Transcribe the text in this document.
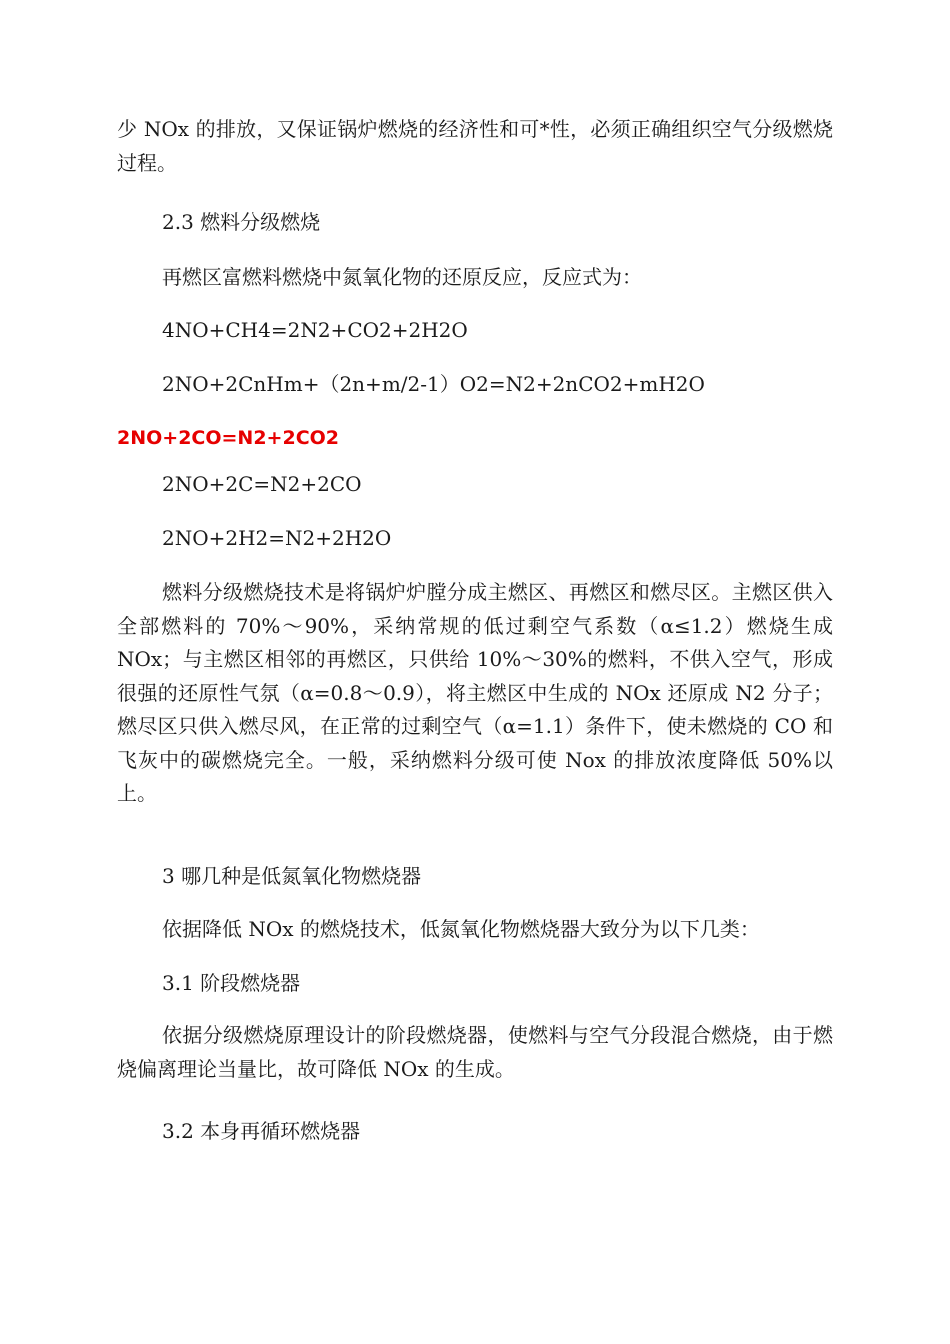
少 NOx 的排放，又保证锅炉燃烧的经济性和可*性，必须正确组织空气分级燃烧过程。

2.3 燃料分级燃烧

再燃区富燃料燃烧中氮氧化物的还原反应，反应式为：

4NO+CH4=2N2+CO2+2H2O

2NO+2CnHm+（2n+m/2-1）O2=N2+2nCO2+mH2O

2NO+2CO=N2+2CO2

2NO+2C=N2+2CO

2NO+2H2=N2+2H2O

燃料分级燃烧技术是将锅炉炉膛分成主燃区、再燃区和燃尽区。主燃区供入全部燃料的 70%～90%，采纳常规的低过剩空气系数（α≤1.2）燃烧生成 NOx；与主燃区相邻的再燃区，只供给 10%～30%的燃料，不供入空气，形成很强的还原性气氛（α=0.8～0.9），将主燃区中生成的 NOx 还原成 N2 分子；燃尽区只供入燃尽风，在正常的过剩空气（α=1.1）条件下，使未燃烧的 CO 和飞灰中的碳燃烧完全。一般，采纳燃料分级可使 Nox 的排放浓度降低 50%以上。

3 哪几种是低氮氧化物燃烧器

依据降低 NOx 的燃烧技术，低氮氧化物燃烧器大致分为以下几类：

3.1 阶段燃烧器

依据分级燃烧原理设计的阶段燃烧器，使燃料与空气分段混合燃烧，由于燃烧偏离理论当量比，故可降低 NOx 的生成。

3.2 本身再循环燃烧器
